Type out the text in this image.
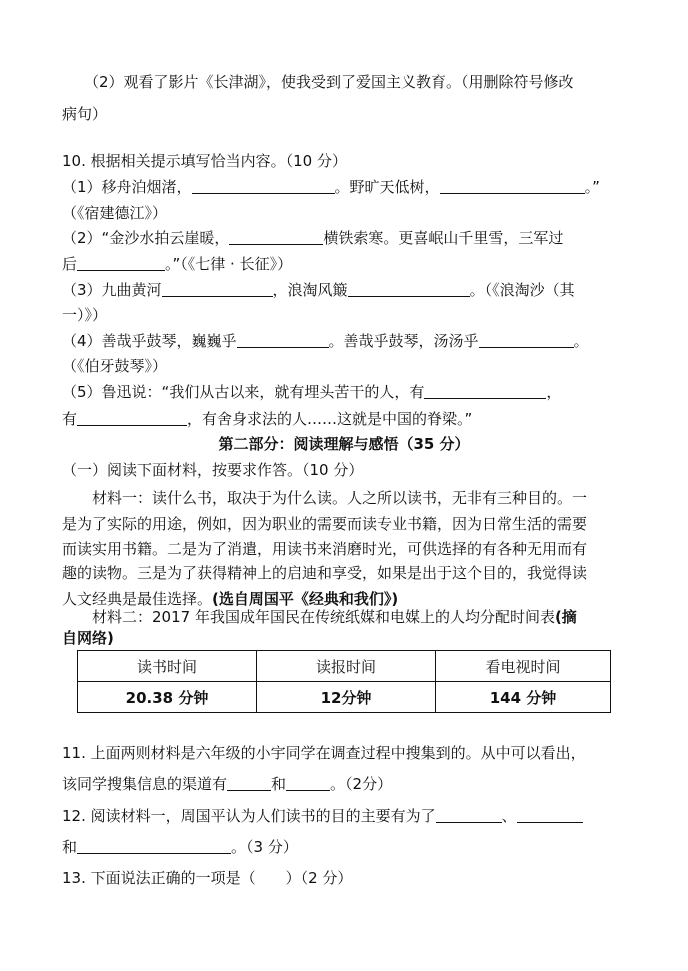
（2）观看了影片《长津湖》，使我受到了爱国主义教育。（用删除符号修改
病句）
10. 根据相关提示填写恰当内容。（10 分）
（1）移舟泊烟渚，	。野旷天低树，	。”
（《宿建德江》）
（2）“金沙水拍云崖暖，	横铁索寒。更喜岷山千里雪，三军过
后	。”（《七律 · 长征》）
（3）九曲黄河	，浪淘风簸	。（《浪淘沙（其
一）》）
（4）善哉乎鼓琴，巍巍乎	。善哉乎鼓琴，汤汤乎	。
（《伯牙鼓琴》）
（5）鲁迅说：“我们从古以来，就有埋头苦干的人，有	，
有	，有舍身求法的人……这就是中国的脊梁。”
第二部分：阅读理解与感悟（35 分）
（一）阅读下面材料，按要求作答。（10 分）
材料一：读什么书，取决于为什么读。人之所以读书，无非有三种目的。一
是为了实际的用途，例如，因为职业的需要而读专业书籍，因为日常生活的需要
而读实用书籍。二是为了消遣，用读书来消磨时光，可供选择的有各种无用而有
趣的读物。三是为了获得精神上的启迪和享受，如果是出于这个目的，我觉得读
人文经典是最佳选择。(选自周国平《经典和我们》)
材料二：2017 年我国成年国民在传统纸媒和电媒上的人均分配时间表(摘
自网络)
读书时间	读报时间	看电视时间
20.38 分钟	12分钟	144 分钟
11. 上面两则材料是六年级的小宇同学在调查过程中搜集到的。从中可以看出，
该同学搜集信息的渠道有	和	。（2分）
12. 阅读材料一，周国平认为人们读书的目的主要有为了	、
和	。（3 分）
13. 下面说法正确的一项是（　　）（2 分）
